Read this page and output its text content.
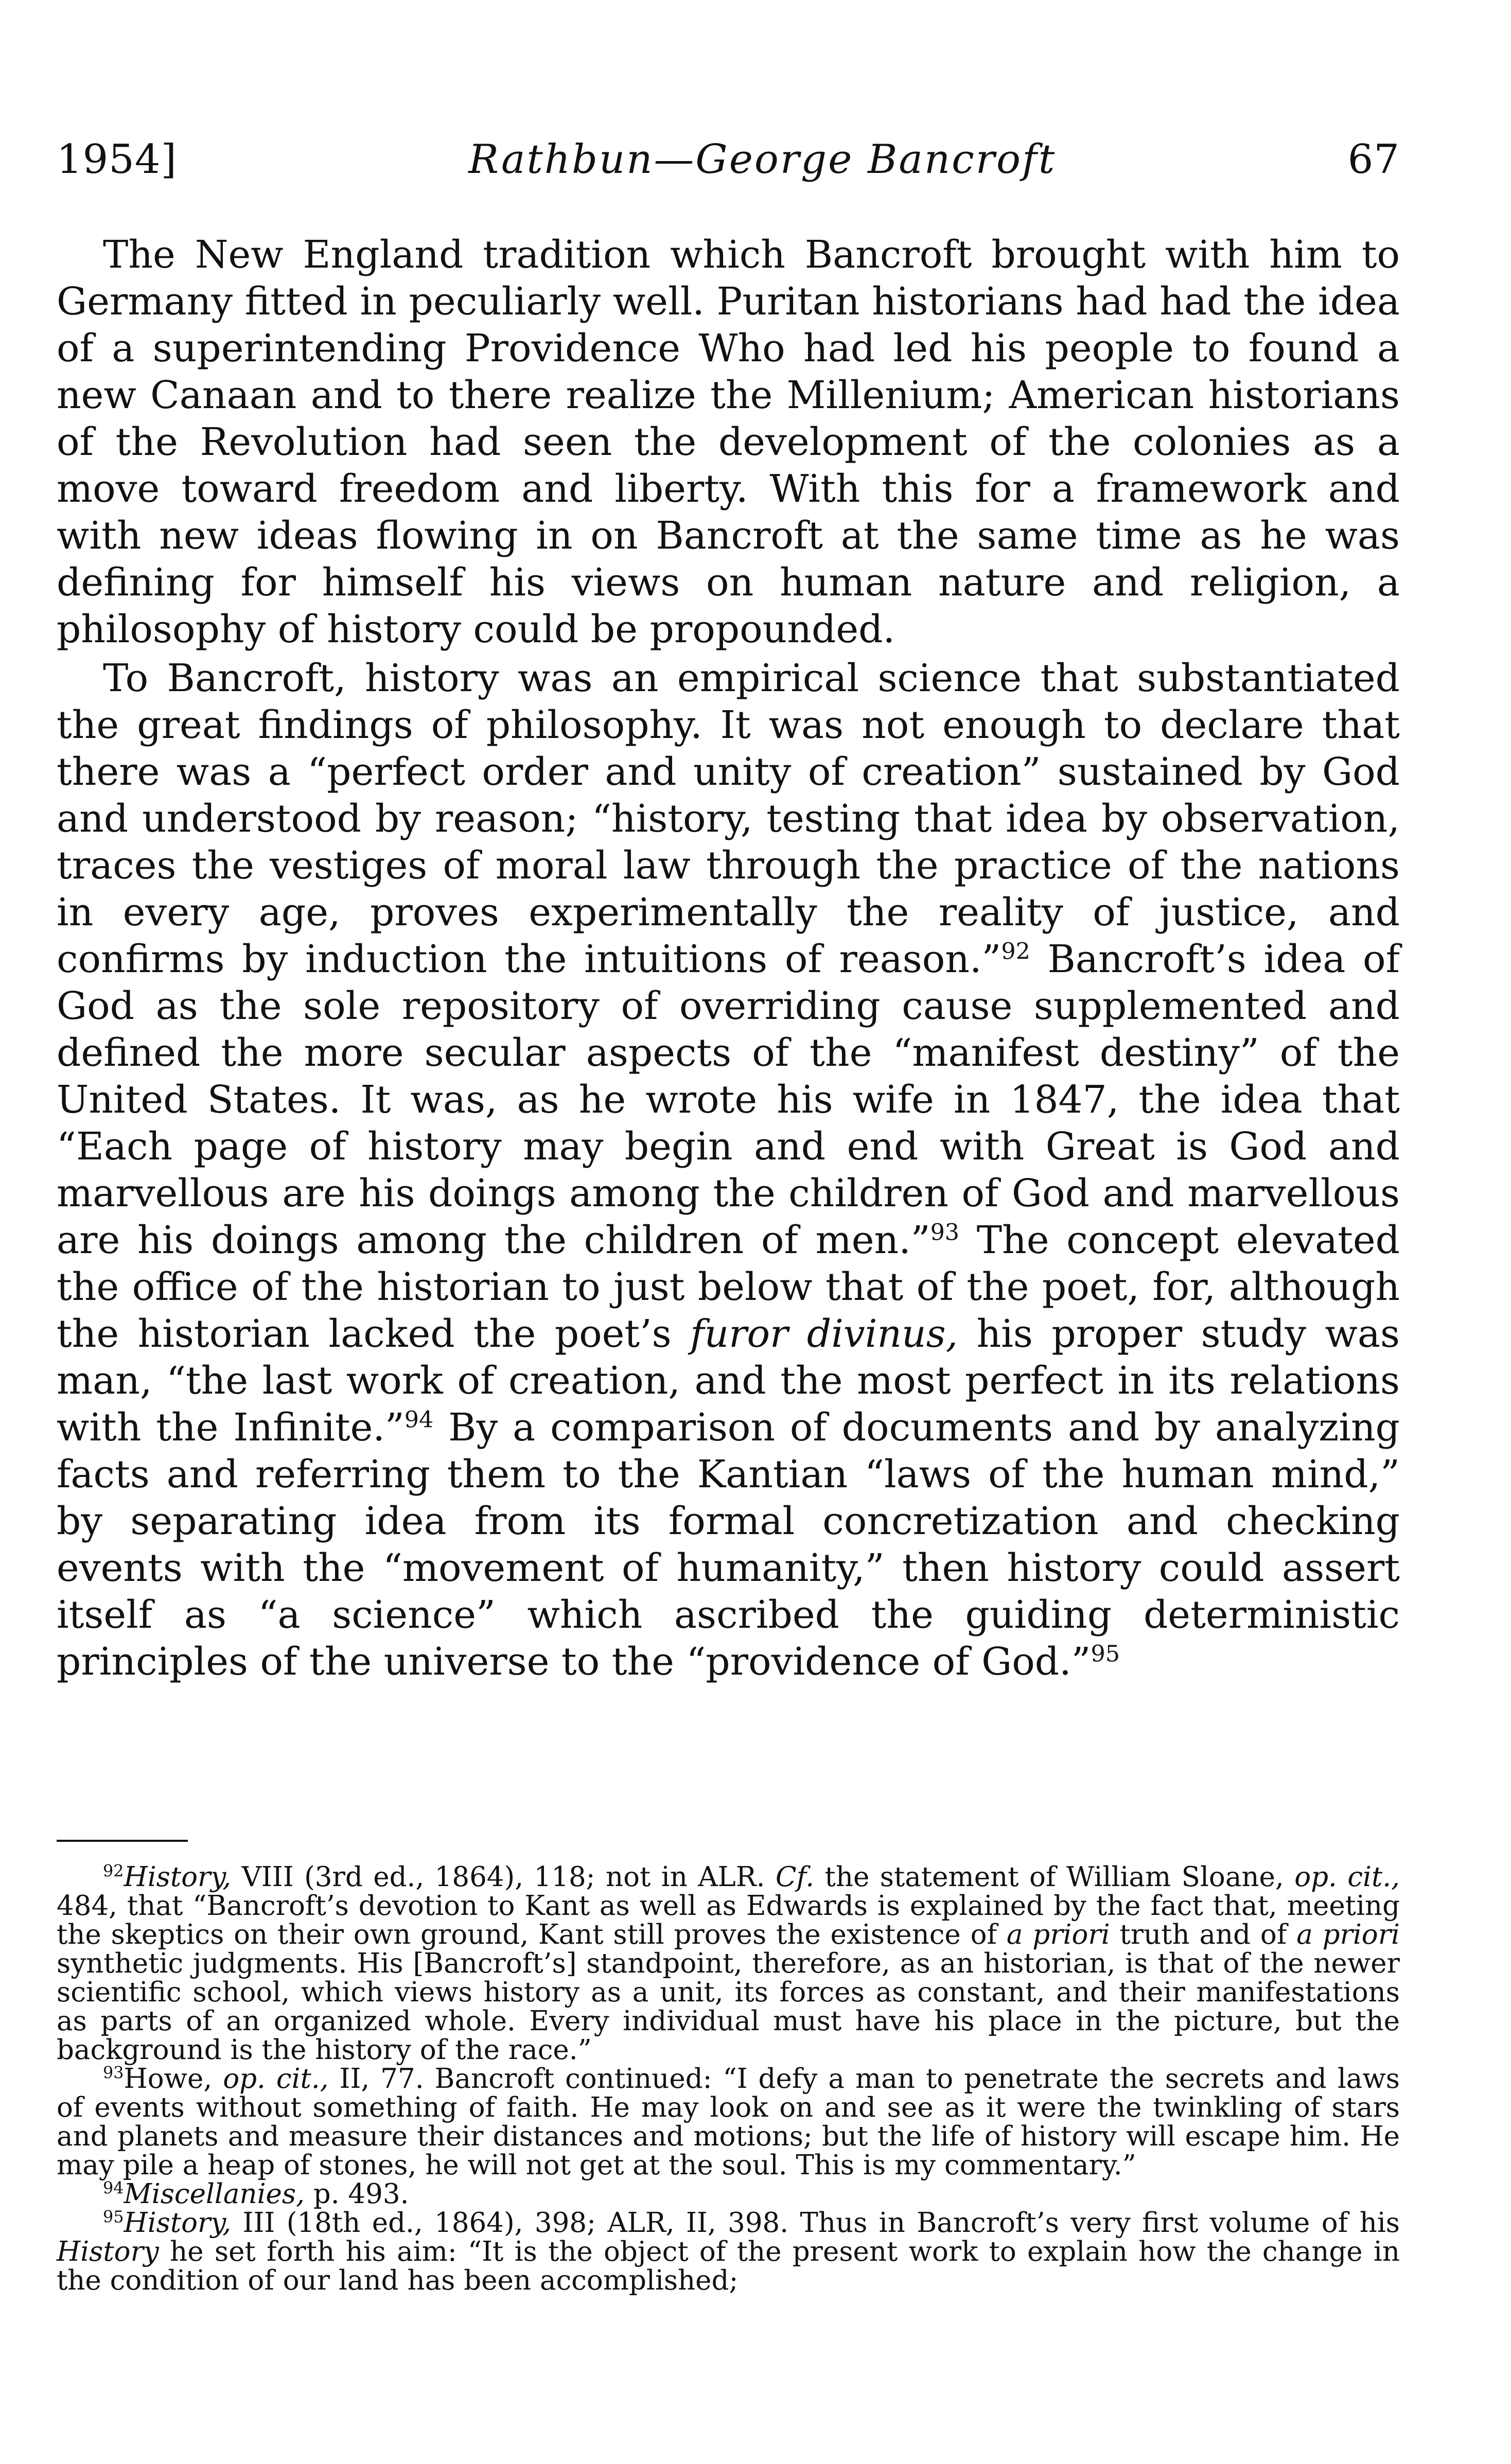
1954]	Rathbun—George Bancroft	67

The New England tradition which Bancroft brought with him to Germany fitted in peculiarly well. Puritan historians had had the idea of a superintending Providence Who had led his people to found a new Canaan and to there realize the Millenium; American historians of the Revolution had seen the development of the colonies as a move toward freedom and liberty. With this for a framework and with new ideas flowing in on Bancroft at the same time as he was defining for himself his views on human nature and religion, a philosophy of history could be propounded.

To Bancroft, history was an empirical science that substantiated the great findings of philosophy. It was not enough to declare that there was a “perfect order and unity of creation” sustained by God and understood by reason; “history, testing that idea by observation, traces the vestiges of moral law through the practice of the nations in every age, proves experimentally the reality of justice, and confirms by induction the intuitions of reason.”$^{92}$ Bancroft’s idea of God as the sole repository of overriding cause supplemented and defined the more secular aspects of the “manifest destiny” of the United States. It was, as he wrote his wife in 1847, the idea that “Each page of history may begin and end with Great is God and marvellous are his doings among the children of God and marvellous are his doings among the children of men.”$^{93}$ The concept elevated the office of the historian to just below that of the poet, for, although the historian lacked the poet’s furor divinus, his proper study was man, “the last work of creation, and the most perfect in its relations with the Infinite.”$^{94}$ By a comparison of documents and by analyzing facts and referring them to the Kantian “laws of the human mind,” by separating idea from its formal concretization and checking events with the “movement of humanity,” then history could assert itself as “a science” which ascribed the guiding deterministic principles of the universe to the “providence of God.”$^{95}$

$^{92}$History, VIII (3rd ed., 1864), 118; not in ALR. Cf. the statement of William Sloane, op. cit., 484, that “Bancroft’s devotion to Kant as well as Edwards is explained by the fact that, meeting the skeptics on their own ground, Kant still proves the existence of a priori truth and of a priori synthetic judgments. His [Bancroft’s] standpoint, therefore, as an historian, is that of the newer scientific school, which views history as a unit, its forces as constant, and their manifestations as parts of an organized whole. Every individual must have his place in the picture, but the background is the history of the race.”

$^{93}$Howe, op. cit., II, 77. Bancroft continued: “I defy a man to penetrate the secrets and laws of events without something of faith. He may look on and see as it were the twinkling of stars and planets and measure their distances and motions; but the life of history will escape him. He may pile a heap of stones, he will not get at the soul. This is my commentary.”

$^{94}$Miscellanies, p. 493.

$^{95}$History, III (18th ed., 1864), 398; ALR, II, 398. Thus in Bancroft’s very first volume of his History he set forth his aim: “It is the object of the present work to explain how the change in the condition of our land has been accomplished;
